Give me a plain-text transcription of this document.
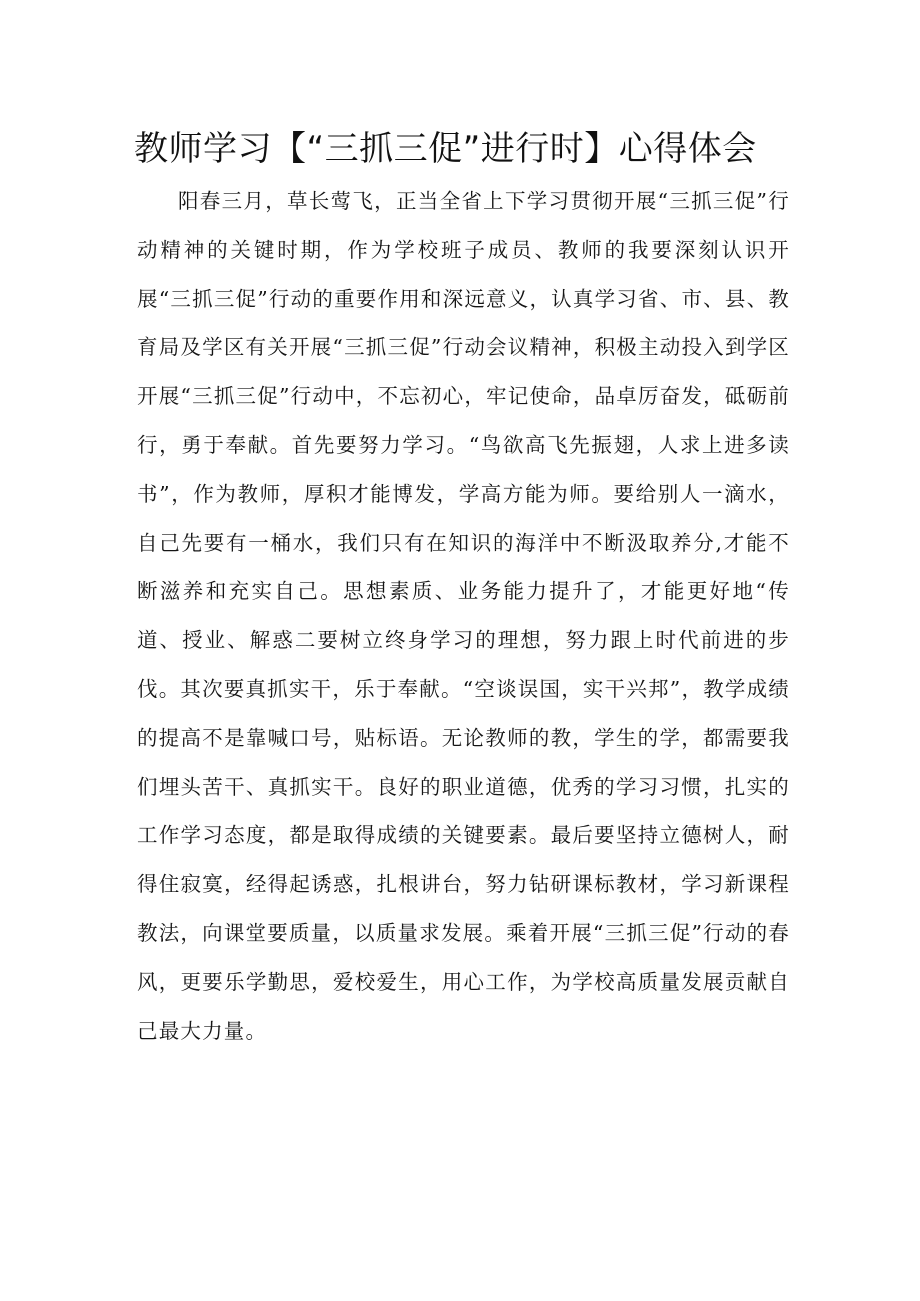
教师学习【“三抓三促”进行时】心得体会

阳春三月，草长莺飞，正当全省上下学习贯彻开展“三抓三促”行动精神的关键时期，作为学校班子成员、教师的我要深刻认识开展“三抓三促”行动的重要作用和深远意义，认真学习省、市、县、教育局及学区有关开展“三抓三促”行动会议精神，积极主动投入到学区开展“三抓三促”行动中，不忘初心，牢记使命，品卓厉奋发，砥砺前行，勇于奉献。首先要努力学习。“鸟欲高飞先振翅，人求上进多读书”，作为教师，厚积才能博发，学高方能为师。要给别人一滴水，自己先要有一桶水，我们只有在知识的海洋中不断汲取养分,才能不断滋养和充实自己。思想素质、业务能力提升了，才能更好地“传道、授业、解惑二要树立终身学习的理想，努力跟上时代前进的步伐。其次要真抓实干，乐于奉献。“空谈误国，实干兴邦”，教学成绩的提高不是靠喊口号，贴标语。无论教师的教，学生的学，都需要我们埋头苦干、真抓实干。良好的职业道德，优秀的学习习惯，扎实的工作学习态度，都是取得成绩的关键要素。最后要坚持立德树人，耐得住寂寞，经得起诱惑，扎根讲台，努力钻研课标教材，学习新课程教法，向课堂要质量，以质量求发展。乘着开展“三抓三促”行动的春风，更要乐学勤思，爱校爱生，用心工作，为学校高质量发展贡献自己最大力量。
